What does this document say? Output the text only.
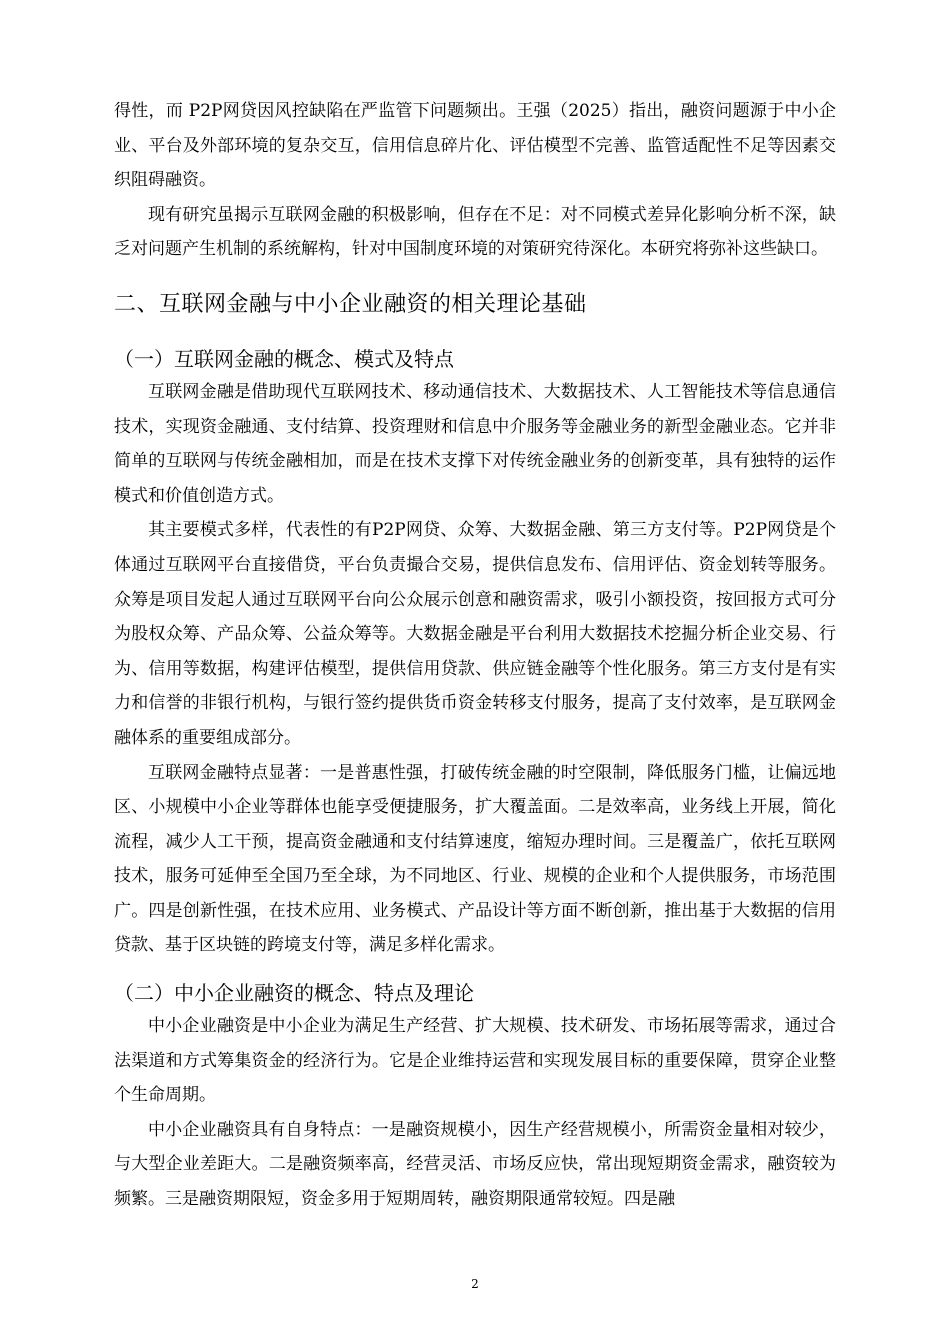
得性，而 P2P网贷因风控缺陷在严监管下问题频出。王强（2025）指出，融资问题源于中小企业、平台及外部环境的复杂交互，信用信息碎片化、评估模型不完善、监管适配性不足等因素交织阻碍融资。

现有研究虽揭示互联网金融的积极影响，但存在不足：对不同模式差异化影响分析不深，缺乏对问题产生机制的系统解构，针对中国制度环境的对策研究待深化。本研究将弥补这些缺口。

二、互联网金融与中小企业融资的相关理论基础
（一）互联网金融的概念、模式及特点

互联网金融是借助现代互联网技术、移动通信技术、大数据技术、人工智能技术等信息通信技术，实现资金融通、支付结算、投资理财和信息中介服务等金融业务的新型金融业态。它并非简单的互联网与传统金融相加，而是在技术支撑下对传统金融业务的创新变革，具有独特的运作模式和价值创造方式。

其主要模式多样，代表性的有P2P网贷、众筹、大数据金融、第三方支付等。P2P网贷是个体通过互联网平台直接借贷，平台负责撮合交易，提供信息发布、信用评估、资金划转等服务。众筹是项目发起人通过互联网平台向公众展示创意和融资需求，吸引小额投资，按回报方式可分为股权众筹、产品众筹、公益众筹等。大数据金融是平台利用大数据技术挖掘分析企业交易、行为、信用等数据，构建评估模型，提供信用贷款、供应链金融等个性化服务。第三方支付是有实力和信誉的非银行机构，与银行签约提供货币资金转移支付服务，提高了支付效率，是互联网金融体系的重要组成部分。

互联网金融特点显著：一是普惠性强，打破传统金融的时空限制，降低服务门槛，让偏远地区、小规模中小企业等群体也能享受便捷服务，扩大覆盖面。二是效率高，业务线上开展，简化流程，减少人工干预，提高资金融通和支付结算速度，缩短办理时间。三是覆盖广，依托互联网技术，服务可延伸至全国乃至全球，为不同地区、行业、规模的企业和个人提供服务，市场范围广。四是创新性强，在技术应用、业务模式、产品设计等方面不断创新，推出基于大数据的信用贷款、基于区块链的跨境支付等，满足多样化需求。

（二）中小企业融资的概念、特点及理论

中小企业融资是中小企业为满足生产经营、扩大规模、技术研发、市场拓展等需求，通过合法渠道和方式筹集资金的经济行为。它是企业维持运营和实现发展目标的重要保障，贯穿企业整个生命周期。

中小企业融资具有自身特点：一是融资规模小，因生产经营规模小，所需资金量相对较少，与大型企业差距大。二是融资频率高，经营灵活、市场反应快，常出现短期资金需求，融资较为频繁。三是融资期限短，资金多用于短期周转，融资期限通常较短。四是融

2
